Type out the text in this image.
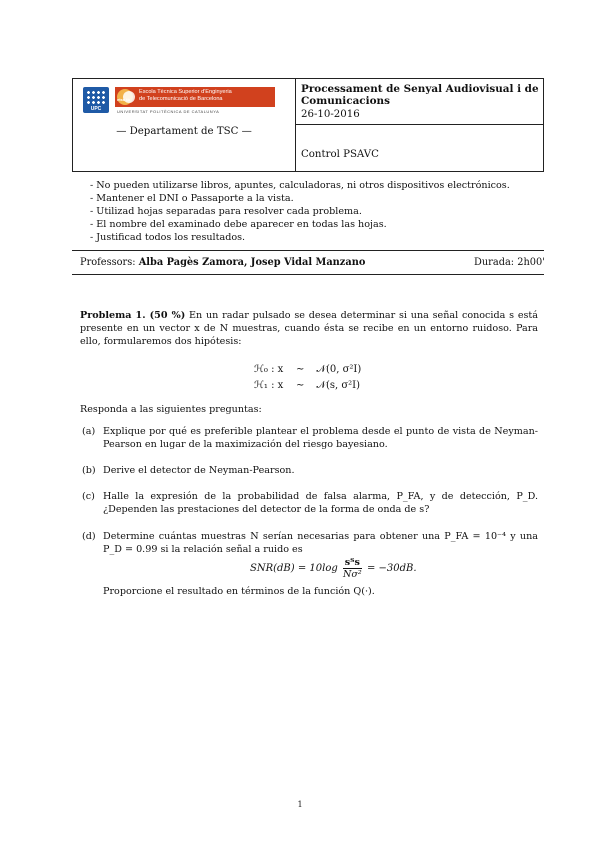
UPC
etse tb
Escola Tècnica Superior d'Enginyeria
de Telecomunicació de Barcelona
UNIVERSITAT POLITÈCNICA DE CATALUNYA
— Departament de TSC —
Processament de Senyal Audiovisual i de Comunicacions
26-10-2016
Control PSAVC
- No pueden utilizarse libros, apuntes, calculadoras, ni otros dispositivos electrónicos.
- Mantener el DNI o Passaporte a la vista.
- Utilizad hojas separadas para resolver cada problema.
- El nombre del examinado debe aparecer en todas las hojas.
- Justificad todos los resultados.
Professors: Alba Pagès Zamora, Josep Vidal Manzano	Durada: 2h00'
Problema 1. (50 %) En un radar pulsado se desea determinar si una señal conocida s está presente en un vector x de N muestras, cuando ésta se recibe en un entorno ruidoso. Para ello, formularemos dos hipótesis:
ℋ₀ : x ∼ 𝒩(0, σ²I)
ℋ₁ : x ∼ 𝒩(s, σ²I)
Responda a las siguientes preguntas:
(a) Explique por qué es preferible plantear el problema desde el punto de vista de Neyman-Pearson en lugar de la maximización del riesgo bayesiano.
(b) Derive el detector de Neyman-Pearson.
(c) Halle la expresión de la probabilidad de falsa alarma, P_FA, y de detección, P_D. ¿Dependen las prestaciones del detector de la forma de onda de s?
(d) Determine cuántas muestras N serían necesarias para obtener una P_FA = 10⁻⁴ y una P_D = 0.99 si la relación señal a ruido es
$SNR(dB) = 10\log \frac{\text{sᵀs}}{\text{Nσ²}} = -30dB$.
Proporcione el resultado en términos de la función Q(·).
1
